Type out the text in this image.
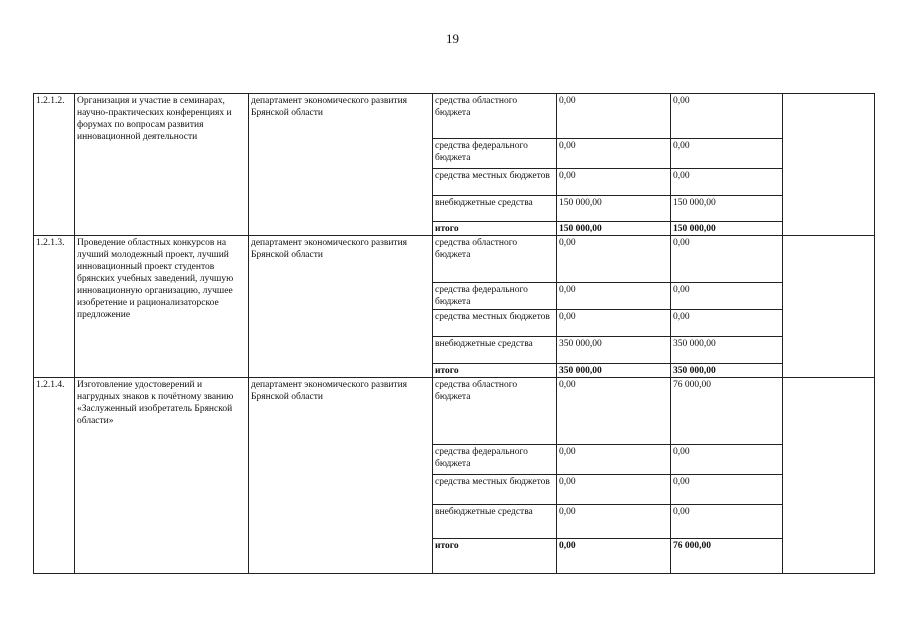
19
1.2.1.2.	Организация и участие в семинарах, научно-практических конференциях и форумах по вопросам развития инновационной деятельности	департамент экономического развития Брянской области	средства областного бюджета	0,00	0,00	
			средства федерального бюджета	0,00	0,00	
			средства местных бюджетов	0,00	0,00	
			внебюджетные средства	150 000,00	150 000,00	
			итого	150 000,00	150 000,00	
1.2.1.3.	Проведение областных конкурсов на лучший молодежный проект, лучший инновационный проект студентов брянских учебных заведений, лучшую инновационную организацию, лучшее изобретение и рационализаторское предложение	департамент экономического развития Брянской области	средства областного бюджета	0,00	0,00	
			средства федерального бюджета	0,00	0,00	
			средства местных бюджетов	0,00	0,00	
			внебюджетные средства	350 000,00	350 000,00	
			итого	350 000,00	350 000,00	
1.2.1.4.	Изготовление удостоверений и нагрудных знаков к почётному званию «Заслуженный изобретатель Брянской области»	департамент экономического развития Брянской области	средства областного бюджета	0,00	76 000,00	
			средства федерального бюджета	0,00	0,00	
			средства местных бюджетов	0,00	0,00	
			внебюджетные средства	0,00	0,00	
			итого	0,00	76 000,00	
